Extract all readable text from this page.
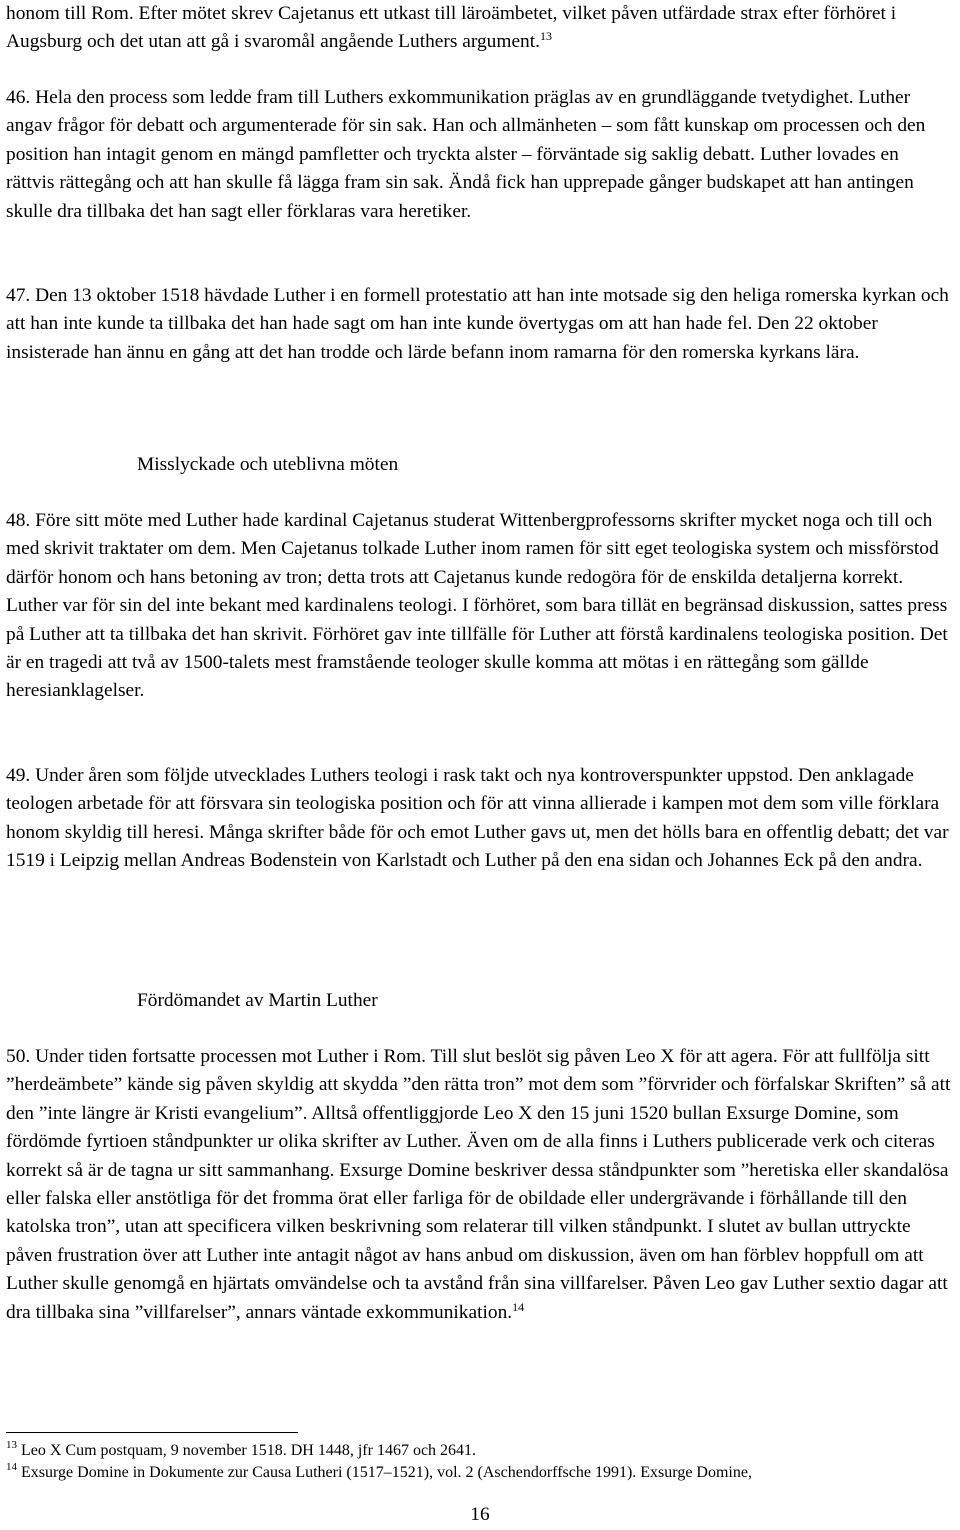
honom till Rom. Efter mötet skrev Cajetanus ett utkast till läroämbetet, vilket påven utfärdade strax efter förhöret i Augsburg och det utan att gå i svaromål angående Luthers argument.$^{13}$

46. Hela den process som ledde fram till Luthers exkommunikation präglas av en grundläggande tvetydighet. Luther angav frågor för debatt och argumenterade för sin sak. Han och allmänheten – som fått kunskap om processen och den position han intagit genom en mängd pamfletter och tryckta alster – förväntade sig saklig debatt. Luther lovades en rättvis rättegång och att han skulle få lägga fram sin sak. Ändå fick han upprepade gånger budskapet att han antingen skulle dra tillbaka det han sagt eller förklaras vara heretiker.

47. Den 13 oktober 1518 hävdade Luther i en formell protestatio att han inte motsade sig den heliga romerska kyrkan och att han inte kunde ta tillbaka det han hade sagt om han inte kunde övertygas om att han hade fel. Den 22 oktober insisterade han ännu en gång att det han trodde och lärde befann inom ramarna för den romerska kyrkans lära.

Misslyckade och uteblivna möten

48. Före sitt möte med Luther hade kardinal Cajetanus studerat Wittenbergprofessorns skrifter mycket noga och till och med skrivit traktater om dem. Men Cajetanus tolkade Luther inom ramen för sitt eget teologiska system och missförstod därför honom och hans betoning av tron; detta trots att Cajetanus kunde redogöra för de enskilda detaljerna korrekt. Luther var för sin del inte bekant med kardinalens teologi. I förhöret, som bara tillät en begränsad diskussion, sattes press på Luther att ta tillbaka det han skrivit. Förhöret gav inte tillfälle för Luther att förstå kardinalens teologiska position. Det är en tragedi att två av 1500-talets mest framstående teologer skulle komma att mötas i en rättegång som gällde heresianklagelser.

49. Under åren som följde utvecklades Luthers teologi i rask takt och nya kontroverspunkter uppstod. Den anklagade teologen arbetade för att försvara sin teologiska position och för att vinna allierade i kampen mot dem som ville förklara honom skyldig till heresi. Många skrifter både för och emot Luther gavs ut, men det hölls bara en offentlig debatt; det var 1519 i Leipzig mellan Andreas Bodenstein von Karlstadt och Luther på den ena sidan och Johannes Eck på den andra.

Fördömandet av Martin Luther

50. Under tiden fortsatte processen mot Luther i Rom. Till slut beslöt sig påven Leo X för att agera. För att fullfölja sitt ”herdeämbete” kände sig påven skyldig att skydda ”den rätta tron” mot dem som ”förvrider och förfalskar Skriften” så att den ”inte längre är Kristi evangelium”. Alltså offentliggjorde Leo X den 15 juni 1520 bullan Exsurge Domine, som fördömde fyrtioen ståndpunkter ur olika skrifter av Luther. Även om de alla finns i Luthers publicerade verk och citeras korrekt så är de tagna ur sitt sammanhang. Exsurge Domine beskriver dessa ståndpunkter som ”heretiska eller skandalösa eller falska eller anstötliga för det fromma örat eller farliga för de obildade eller undergrävande i förhållande till den katolska tron”, utan att specificera vilken beskrivning som relaterar till vilken ståndpunkt. I slutet av bullan uttryckte påven frustration över att Luther inte antagit något av hans anbud om diskussion, även om han förblev hoppfull om att Luther skulle genomgå en hjärtats omvändelse och ta avstånd från sina villfarelser. Påven Leo gav Luther sextio dagar att dra tillbaka sina ”villfarelser”, annars väntade exkommunikation.$^{14}$

$^{13}$ Leo X Cum postquam, 9 november 1518. DH 1448, jfr 1467 och 2641.

$^{14}$ Exsurge Domine in Dokumente zur Causa Lutheri (1517–1521), vol. 2 (Aschendorffsche 1991). Exsurge Domine,

16
